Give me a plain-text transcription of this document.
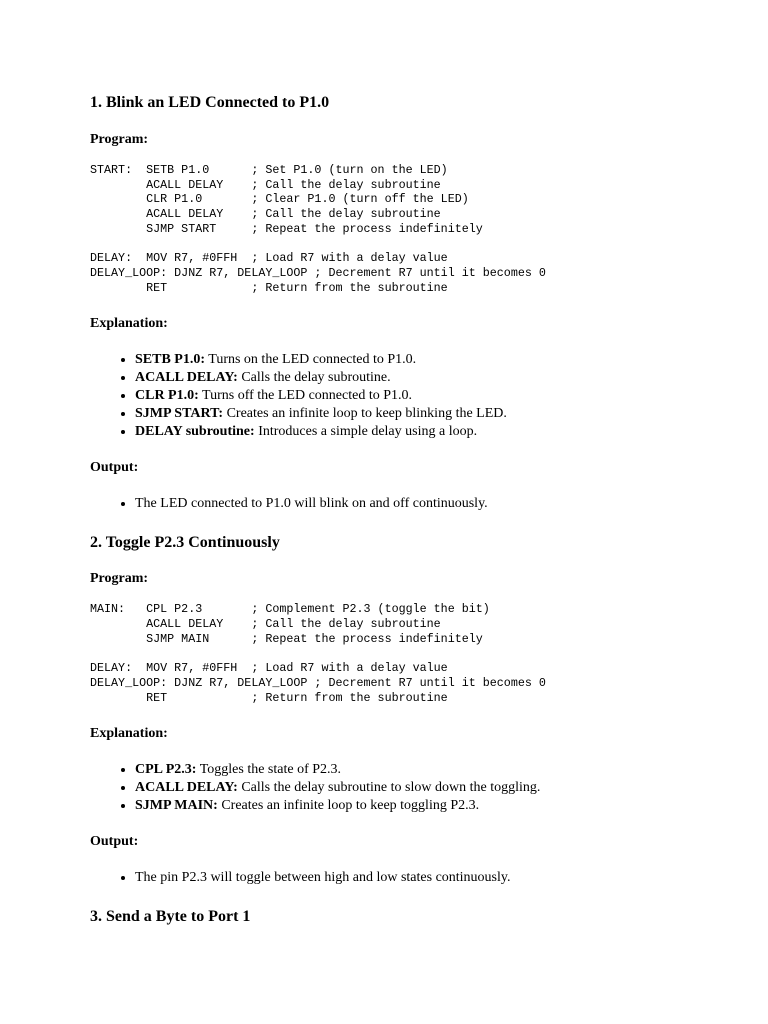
1. Blink an LED Connected to P1.0

Program:

START:  SETB P1.0      ; Set P1.0 (turn on the LED)
ACALL DELAY    ; Call the delay subroutine
CLR P1.0       ; Clear P1.0 (turn off the LED)
ACALL DELAY    ; Call the delay subroutine
SJMP START     ; Repeat the process indefinitely

DELAY:  MOV R7, #0FFH  ; Load R7 with a delay value
DELAY_LOOP: DJNZ R7, DELAY_LOOP ; Decrement R7 until it becomes 0
RET            ; Return from the subroutine

Explanation:

• SETB P1.0: Turns on the LED connected to P1.0.
• ACALL DELAY: Calls the delay subroutine.
• CLR P1.0: Turns off the LED connected to P1.0.
• SJMP START: Creates an infinite loop to keep blinking the LED.
• DELAY subroutine: Introduces a simple delay using a loop.

Output:

• The LED connected to P1.0 will blink on and off continuously.
2. Toggle P2.3 Continuously

Program:

MAIN:   CPL P2.3       ; Complement P2.3 (toggle the bit)
ACALL DELAY    ; Call the delay subroutine
SJMP MAIN      ; Repeat the process indefinitely

DELAY:  MOV R7, #0FFH  ; Load R7 with a delay value
DELAY_LOOP: DJNZ R7, DELAY_LOOP ; Decrement R7 until it becomes 0
RET            ; Return from the subroutine

Explanation:

• CPL P2.3: Toggles the state of P2.3.
• ACALL DELAY: Calls the delay subroutine to slow down the toggling.
• SJMP MAIN: Creates an infinite loop to keep toggling P2.3.

Output:

• The pin P2.3 will toggle between high and low states continuously.
3. Send a Byte to Port 1
